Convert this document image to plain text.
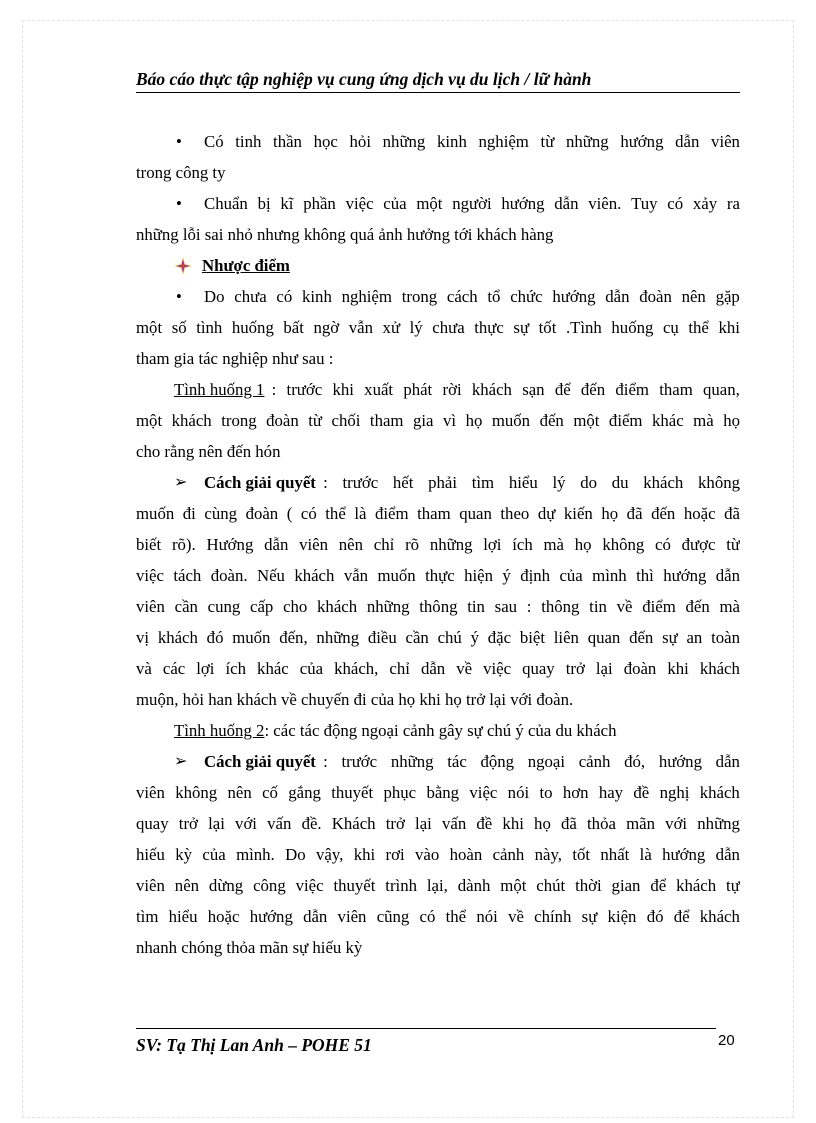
Báo cáo thực tập nghiệp vụ cung ứng dịch vụ du lịch / lữ hành
•	Có tinh thần học hỏi những kinh nghiệm từ những hướng dẫn viên
trong công ty
•	Chuẩn bị kĩ phần việc của một người hướng dẫn viên. Tuy có xảy ra
những lỗi sai nhỏ nhưng không quá ảnh hưởng tới khách hàng
Nhược điểm
•	Do chưa có kinh nghiệm trong cách tổ chức hướng dẫn đoàn nên gặp
một số tình huống bất ngờ vẫn xử lý chưa thực sự tốt .Tình huống cụ thể khi
tham gia tác nghiệp như sau :
Tình huống 1 : trước khi xuất phát rời khách sạn để đến điểm tham quan,
một khách trong đoàn từ chối tham gia vì họ muốn đến một điểm khác mà họ
cho rằng nên đến hón
➢ Cách giải quyết : trước hết phải tìm hiểu lý do du khách không
muốn đi cùng đoàn ( có thể là điểm tham quan theo dự kiến họ đã đến hoặc đã
biết rõ). Hướng dẫn viên nên chỉ rõ những lợi ích mà họ không có được từ
việc tách đoàn. Nếu khách vẫn muốn thực hiện ý định của mình thì hướng dẫn
viên cần cung cấp cho khách những thông tin sau : thông tin về điểm đến mà
vị khách đó muốn đến, những điều cần chú ý đặc biệt liên quan đến sự an toàn
và các lợi ích khác của khách, chỉ dẫn về việc quay trở lại đoàn khi khách
muộn, hỏi han khách về chuyến đi của họ khi họ trở lại với đoàn.
Tình huống 2 : các tác động ngoại cảnh gây sự chú ý của du khách
➢ Cách giải quyết : trước những tác động ngoại cảnh đó, hướng dẫn
viên không nên cố gắng thuyết phục bằng việc nói to hơn hay đề nghị khách
quay trở lại với vấn đề. Khách trở lại vấn đề khi họ đã thỏa mãn với những
hiếu kỳ của mình. Do vậy, khi rơi vào hoàn cảnh này, tốt nhất là hướng dẫn
viên nên dừng công việc thuyết trình lại, dành một chút thời gian để khách tự
tìm hiểu hoặc hướng dẫn viên cũng có thể nói về chính sự kiện đó để khách
nhanh chóng thỏa mãn sự hiếu kỳ
SV: Tạ Thị Lan Anh – POHE 51	20
